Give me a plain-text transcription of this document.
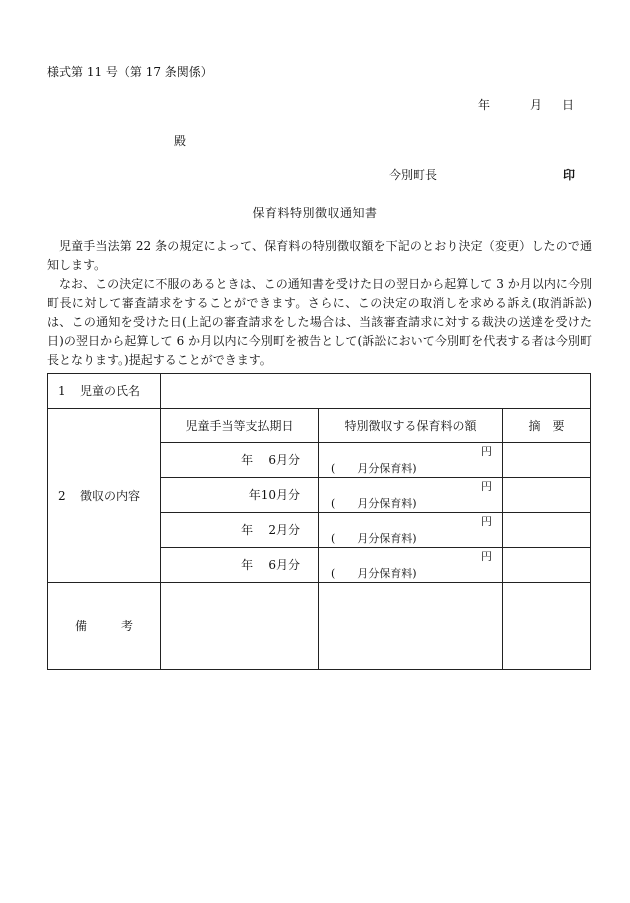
様式第 11 号（第 17 条関係）
年	月 日
殿
今別町長	印
保育料特別徴収通知書

児童手当法第 22 条の規定によって、保育料の特別徴収額を下記のとおり決定（変更）したので通知します。

なお、この決定に不服のあるときは、この通知書を受けた日の翌日から起算して 3 か月以内に今別町長に対して審査請求をすることができます。さらに、この決定の取消しを求める訴え(取消訴訟)は、この通知を受けた日(上記の審査請求をした場合は、当該審査請求に対する裁決の送達を受けた日)の翌日から起算して 6 か月以内に今別町を被告として(訴訟において今別町を代表する者は今別町長となります。)提起することができます。

1 児童の氏名			
2 徴収の内容	児童手当等支払期日	特別徴収する保育料の額	摘　要
	年 6月分	円
( 月分保育料)	

	年10月分	円
( 月分保育料)	

	年 2月分	円
( 月分保育料)	

	年 6月分	円
( 月分保育料)	

備 考			
